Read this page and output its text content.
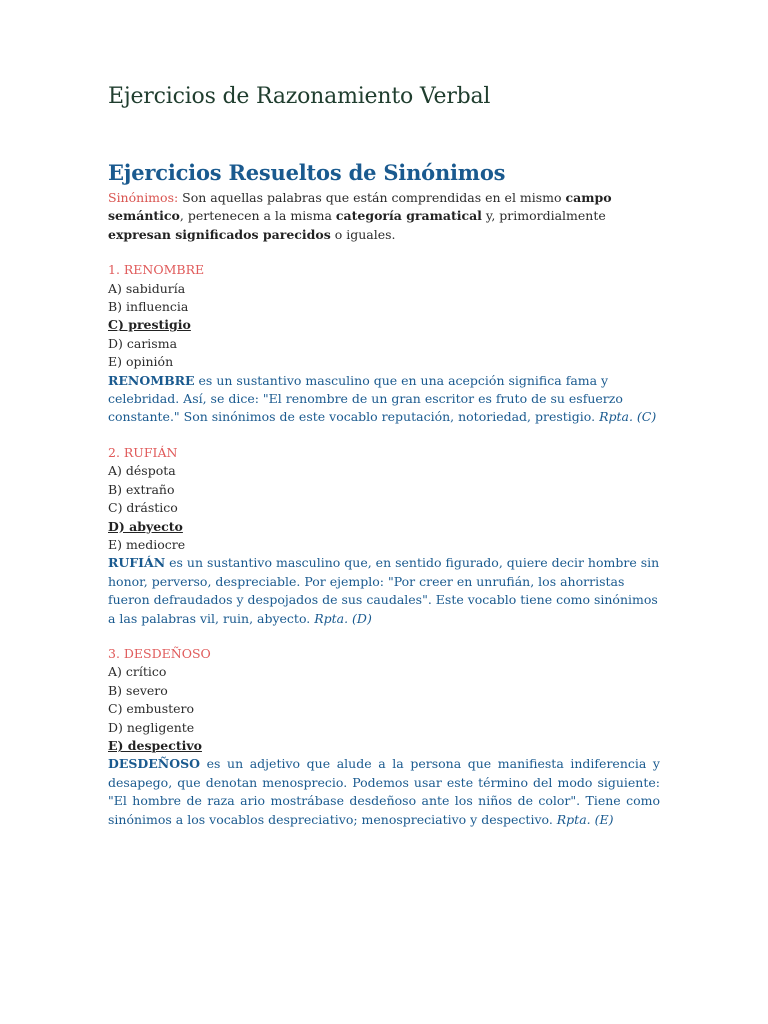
Ejercicios de Razonamiento Verbal
Ejercicios Resueltos de Sinónimos

Sinónimos: Son aquellas palabras que están comprendidas en el mismo campo semántico, pertenecen a la misma categoría gramatical y, primordialmente expresan significados parecidos o iguales.

1. RENOMBRE
A) sabiduría
B) influencia
C) prestigio
D) carisma
E) opinión
RENOMBRE es un sustantivo masculino que en una acepción significa fama y celebridad. Así, se dice: "El renombre de un gran escritor es fruto de su esfuerzo constante." Son sinónimos de este vocablo reputación, notoriedad, prestigio. Rpta. (C)
2. RUFIÁN
A) déspota
B) extraño
C) drástico
D) abyecto
E) mediocre
RUFIÁN es un sustantivo masculino que, en sentido figurado, quiere decir hombre sin honor, perverso, despreciable. Por ejemplo: "Por creer en unrufián, los ahorristas fueron defraudados y despojados de sus caudales". Este vocablo tiene como sinónimos a las palabras vil, ruin, abyecto. Rpta. (D)
3. DESDEÑOSO
A) crítico
B) severo
C) embustero
D) negligente
E) despectivo
DESDEÑOSO es un adjetivo que alude a la persona que manifiesta indiferencia y desapego, que denotan menosprecio. Podemos usar este término del modo siguiente: "El hombre de raza ario mostrábase desdeñoso ante los niños de color". Tiene como sinónimos a los vocablos despreciativo; menospreciativo y despectivo. Rpta. (E)
